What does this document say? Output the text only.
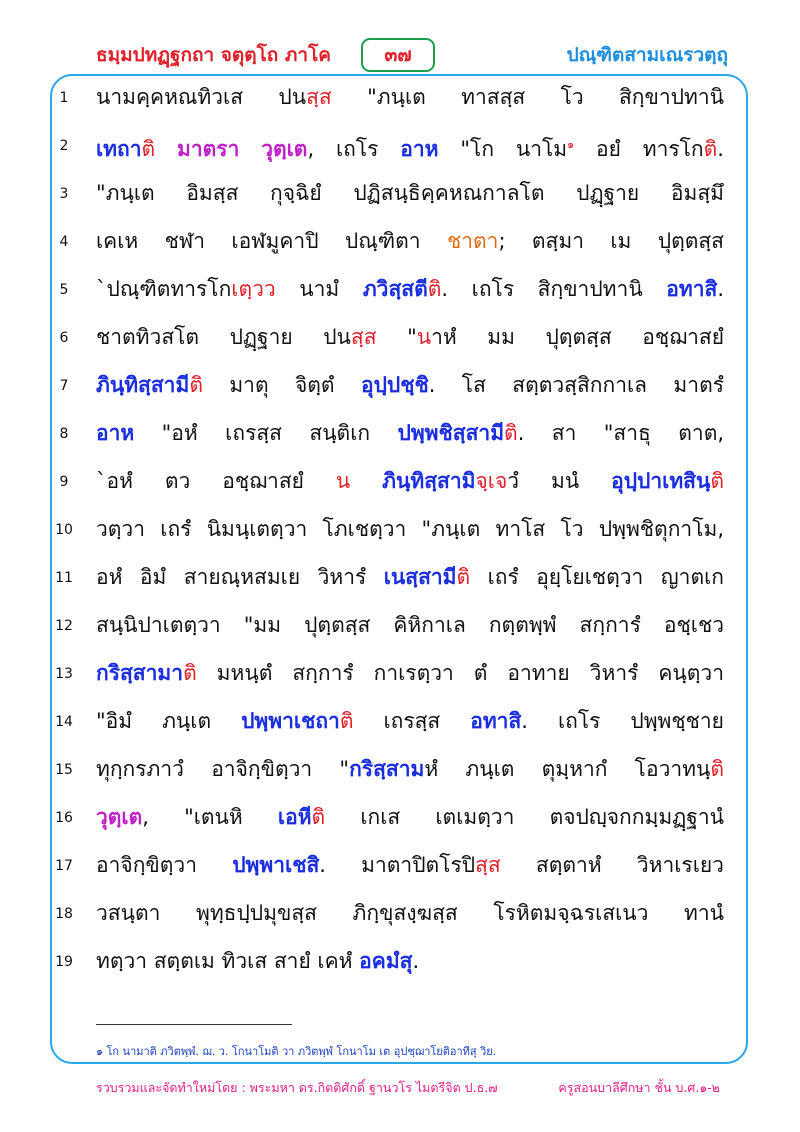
ธมฺมปทฏฺฐกถา จตุตฺโถ ภาโค	๓๗	ปณฺฑิตสามเณรวตฺถุ
1	นามคฺคหณทิวเส ปนสฺส "ภนฺเต ทาสสฺส โว สิกฺขาปทานิ
2	เทถาติ มาตรา วุตฺเต, เถโร อาห "โก นาโม$^๑$ อยํ ทารโกติ.
3	"ภนฺเต อิมสฺส กุจฺฉิยํ ปฏิสนฺธิคฺคหณกาลโต ปฏฺฐาย อิมสฺมึ
4	เคเห ชฬา เอฬมูคาปิ ปณฺฑิตา ชาตา; ตสฺมา เม ปุตฺตสฺส
5	`ปณฺฑิตทารโกเตฺวว นามํ ภวิสฺสตีติ. เถโร สิกฺขาปทานิ อทาสิ.
6	ชาตทิวสโต ปฏฺฐาย ปนสฺส "นาหํ มม ปุตฺตสฺส อชฺฌาสยํ
7	ภินฺทิสฺสามีติ มาตุ จิตฺตํ อุปฺปชฺชิ. โส สตฺตวสฺสิกกาเล มาตรํ
8	อาห "อหํ เถรสฺส สนฺติเก ปพฺพชิสฺสามีติ. สา "สาธุ ตาต,
9	`อหํ ตว อชฺฌาสยํ น ภินฺทิสฺสามิจฺเจวํ มนํ อุปฺปาเทสินฺติ
10	วตฺวา เถรํ นิมนฺเตตฺวา โภเชตฺวา "ภนฺเต ทาโส โว ปพฺพชิตุกาโม,
11	อหํ อิมํ สายณฺหสมเย วิหารํ เนสฺสามีติ เถรํ อุยฺโยเชตฺวา ญาตเก
12	สนฺนิปาเตตฺวา "มม ปุตฺตสฺส คิหิกาเล กตฺตพฺพํ สกฺการํ อชฺเชว
13	กริสฺสามาติ มหนฺตํ สกฺการํ กาเรตฺวา ตํ อาทาย วิหารํ คนฺตฺวา
14	"อิมํ ภนฺเต ปพฺพาเชถาติ เถรสฺส อทาสิ. เถโร ปพฺพชฺชาย
15	ทุกฺกรภาวํ อาจิกฺขิตฺวา "กริสฺสามหํ ภนฺเต ตุมฺหากํ โอวาทนฺติ
16	วุตฺเต, "เตนหิ เอหีติ เกเส เตเมตฺวา ตจปญฺจกกมฺมฏฺฐานํ
17	อาจิกฺขิตฺวา ปพฺพาเชสิ. มาตาปิตโรปิสฺส สตฺตาหํ วิหาเรเยว
18	วสนฺตา พุทฺธปฺปมุขสฺส ภิกฺขุสงฺฆสฺส โรหิตมจฺฉรเสเนว ทานํ
19	ทตฺวา สตฺตเม ทิวเส สายํ เคหํ อคมํสุ.
๑ โก นามาติ ภวิตพฺพํ. ฌ. ว. โกนาโมติ วา ภวิตพฺพํ โกนาโม เต อุปชฺฌาโยติอาทีสุ วิย.
รวบรวมและจัดทำใหม่โดย : พระมหา ดร.กิตติศักดิ์ ฐานวโร ไมตรีจิต ป.ธ.๗	ครูสอนบาลีศึกษา ชั้น บ.ศ.๑-๒
